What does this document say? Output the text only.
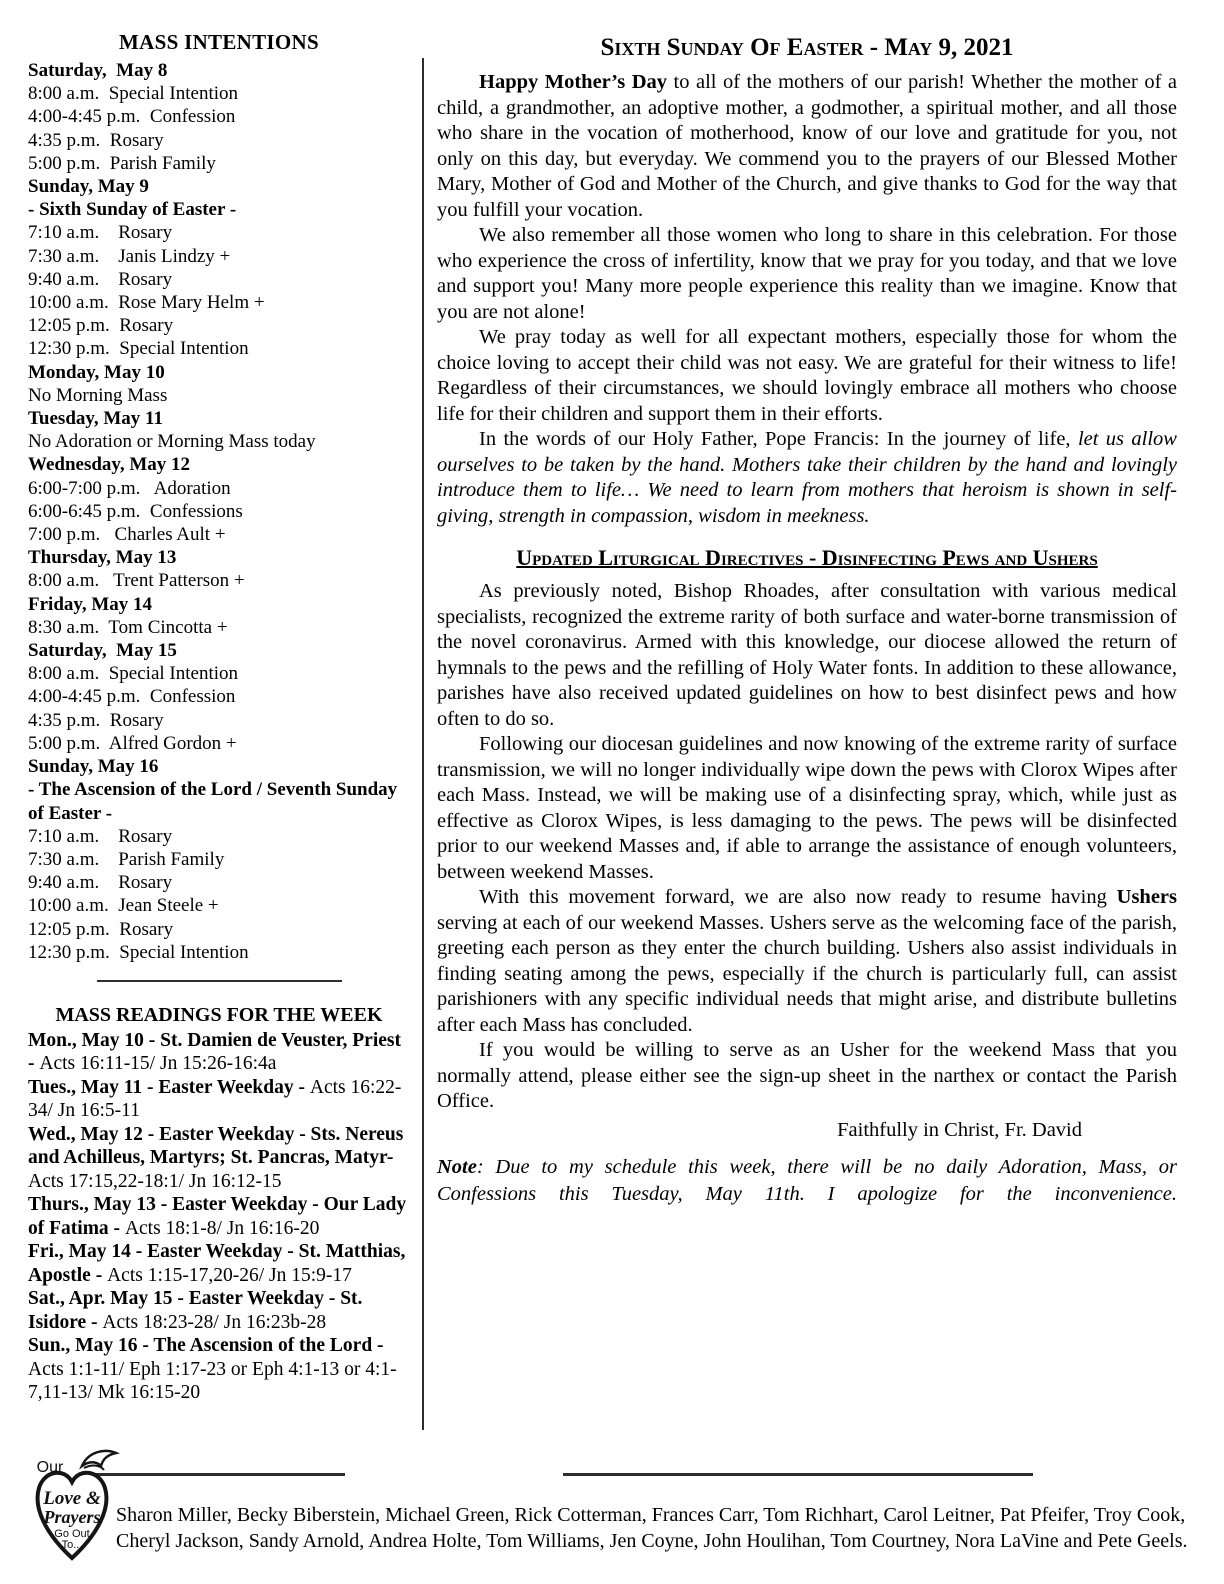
MASS INTENTIONS
Saturday,  May 8
8:00 a.m.  Special Intention
4:00-4:45 p.m.  Confession
4:35 p.m.  Rosary
5:00 p.m.  Parish Family
Sunday, May 9
- Sixth Sunday of Easter -
7:10 a.m.    Rosary
7:30 a.m.    Janis Lindzy +
9:40 a.m.    Rosary
10:00 a.m.  Rose Mary Helm +
12:05 p.m.  Rosary
12:30 p.m.  Special Intention
Monday, May 10
No Morning Mass
Tuesday, May 11
No Adoration or Morning Mass today
Wednesday, May 12
6:00-7:00 p.m.   Adoration
6:00-6:45 p.m.  Confessions
7:00 p.m.   Charles Ault +
Thursday, May 13
8:00 a.m.   Trent Patterson +
Friday, May 14
8:30 a.m.  Tom Cincotta +
Saturday,  May 15
8:00 a.m.  Special Intention
4:00-4:45 p.m.  Confession
4:35 p.m.  Rosary
5:00 p.m.  Alfred Gordon +
Sunday, May 16
- The Ascension of the Lord / Seventh Sunday of Easter -
7:10 a.m.    Rosary
7:30 a.m.    Parish Family
9:40 a.m.    Rosary
10:00 a.m.  Jean Steele +
12:05 p.m.  Rosary
12:30 p.m.  Special Intention
MASS READINGS FOR THE WEEK
Mon., May 10 - St. Damien de Veuster, Priest - Acts 16:11-15/ Jn 15:26-16:4a
Tues., May 11 - Easter Weekday - Acts 16:22-34/ Jn 16:5-11
Wed., May 12 - Easter Weekday - Sts. Nereus and Achilleus, Martyrs; St. Pancras, Matyr- Acts 17:15,22-18:1/ Jn 16:12-15
Thurs., May 13 - Easter Weekday - Our Lady of Fatima - Acts 18:1-8/ Jn 16:16-20
Fri., May 14 - Easter Weekday - St. Matthias, Apostle - Acts 1:15-17,20-26/ Jn 15:9-17
Sat., Apr. May 15 - Easter Weekday - St. Isidore - Acts 18:23-28/ Jn 16:23b-28
Sun., May 16 - The Ascension of the Lord - Acts 1:1-11/ Eph 1:17-23 or Eph 4:1-13 or 4:1-7,11-13/ Mk 16:15-20
Sixth Sunday Of Easter - May 9, 2021

Happy Mother’s Day to all of the mothers of our parish! Whether the mother of a child, a grandmother, an adoptive mother, a godmother, a spiritual mother, and all those who share in the vocation of motherhood, know of our love and gratitude for you, not only on this day, but everyday. We commend you to the prayers of our Blessed Mother Mary, Mother of God and Mother of the Church, and give thanks to God for the way that you fulfill your vocation.

We also remember all those women who long to share in this celebration. For those who experience the cross of infertility, know that we pray for you today, and that we love and support you! Many more people experience this reality than we imagine. Know that you are not alone!

We pray today as well for all expectant mothers, especially those for whom the choice loving to accept their child was not easy. We are grateful for their witness to life! Regardless of their circumstances, we should lovingly embrace all mothers who choose life for their children and support them in their efforts.

In the words of our Holy Father, Pope Francis: In the journey of life, let us allow ourselves to be taken by the hand. Mothers take their children by the hand and lovingly introduce them to life… We need to learn from mothers that heroism is shown in self-giving, strength in compassion, wisdom in meekness.

Updated Liturgical Directives - Disinfecting Pews and Ushers

As previously noted, Bishop Rhoades, after consultation with various medical specialists, recognized the extreme rarity of both surface and water-borne transmission of the novel coronavirus. Armed with this knowledge, our diocese allowed the return of hymnals to the pews and the refilling of Holy Water fonts. In addition to these allowance, parishes have also received updated guidelines on how to best disinfect pews and how often to do so.

Following our diocesan guidelines and now knowing of the extreme rarity of surface transmission, we will no longer individually wipe down the pews with Clorox Wipes after each Mass. Instead, we will be making use of a disinfecting spray, which, while just as effective as Clorox Wipes, is less damaging to the pews. The pews will be disinfected prior to our weekend Masses and, if able to arrange the assistance of enough volunteers, between weekend Masses.

With this movement forward, we are also now ready to resume having Ushers serving at each of our weekend Masses. Ushers serve as the welcoming face of the parish, greeting each person as they enter the church building. Ushers also assist individuals in finding seating among the pews, especially if the church is particularly full, can assist parishioners with any specific individual needs that might arise, and distribute bulletins after each Mass has concluded.

If you would be willing to serve as an Usher for the weekend Mass that you normally attend, please either see the sign-up sheet in the narthex or contact the Parish Office.

Faithfully in Christ, Fr. David

Note: Due to my schedule this week, there will be no daily Adoration, Mass, or Confessions this Tuesday, May 11th. I apologize for the inconvenience.

Our
Love &
Prayers
Go Out
To...
Sharon Miller, Becky Biberstein, Michael Green, Rick Cotterman, Frances Carr, Tom Richhart, Carol Leitner, Pat Pfeifer, Troy Cook, Cheryl Jackson, Sandy Arnold, Andrea Holte, Tom Williams, Jen Coyne, John Houlihan, Tom Courtney, Nora LaVine and Pete Geels.
